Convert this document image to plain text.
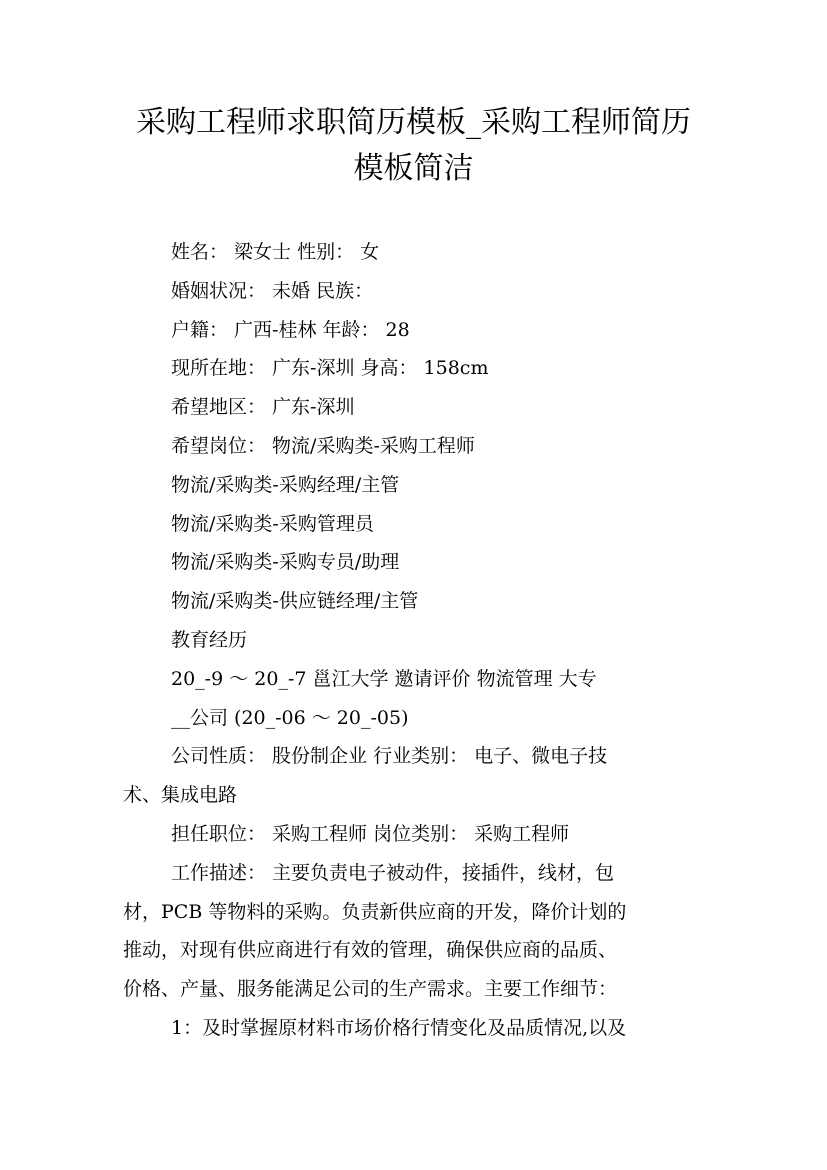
采购工程师求职简历模板_采购工程师简历
模板简洁
姓名： 梁女士 性别： 女
婚姻状况： 未婚 民族：
户籍： 广西-桂林 年龄： 28
现所在地： 广东-深圳 身高： 158cm
希望地区： 广东-深圳
希望岗位： 物流/采购类-采购工程师
物流/采购类-采购经理/主管
物流/采购类-采购管理员
物流/采购类-采购专员/助理
物流/采购类-供应链经理/主管
教育经历
20_-9 ～ 20_-7 邕江大学 邀请评价 物流管理 大专
__公司 (20_-06 ～ 20_-05)
公司性质： 股份制企业 行业类别： 电子、微电子技
术、集成电路
担任职位： 采购工程师 岗位类别： 采购工程师
工作描述： 主要负责电子被动件，接插件，线材，包
材，PCB 等物料的采购。负责新供应商的开发，降价计划的
推动，对现有供应商进行有效的管理，确保供应商的品质、
价格、产量、服务能满足公司的生产需求。主要工作细节：
1：及时掌握原材料市场价格行情变化及品质情况,以及
